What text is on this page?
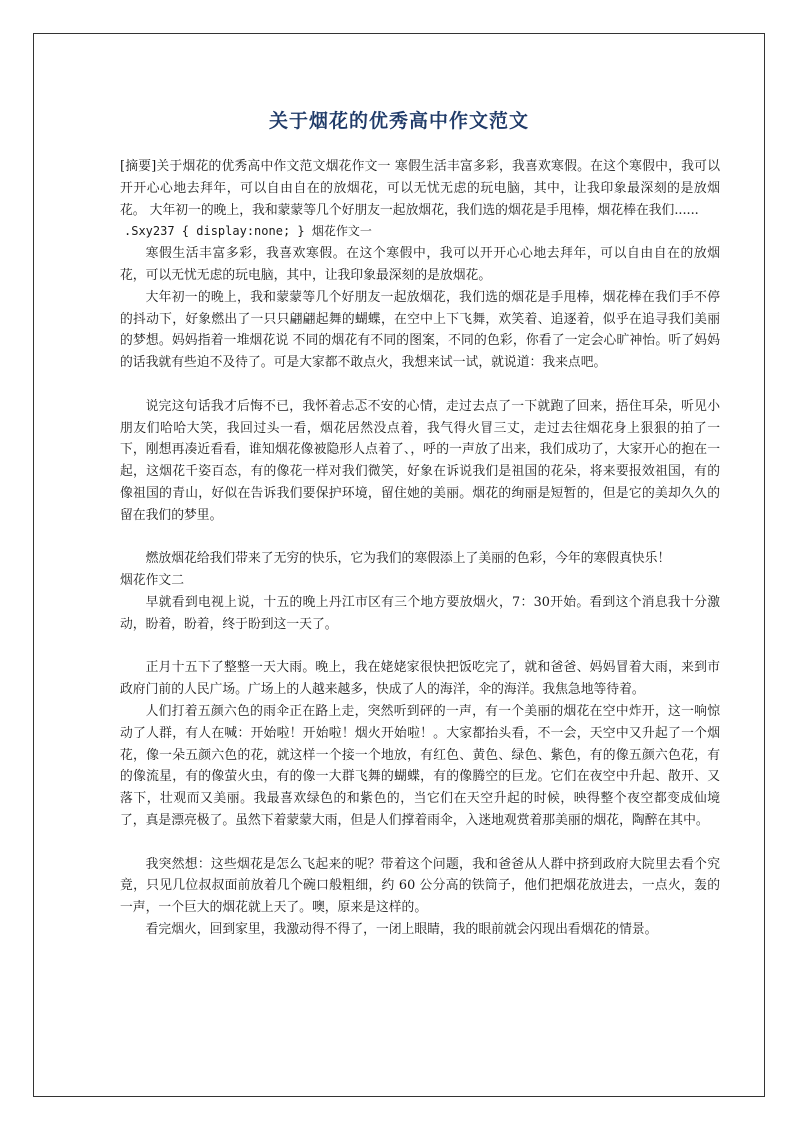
关于烟花的优秀高中作文范文

[摘要]关于烟花的优秀高中作文范文烟花作文一 寒假生活丰富多彩，我喜欢寒假。在这个寒假中，我可以开开心心地去拜年，可以自由自在的放烟花，可以无忧无虑的玩电脑，其中，让我印象最深刻的是放烟花。 大年初一的晚上，我和蒙蒙等几个好朋友一起放烟花，我们选的烟花是手甩棒，烟花棒在我们......

.Sxy237 { display:none; } 烟花作文一

寒假生活丰富多彩，我喜欢寒假。在这个寒假中，我可以开开心心地去拜年，可以自由自在的放烟花，可以无忧无虑的玩电脑，其中，让我印象最深刻的是放烟花。

大年初一的晚上，我和蒙蒙等几个好朋友一起放烟花，我们选的烟花是手甩棒，烟花棒在我们手不停的抖动下，好象燃出了一只只翩翩起舞的蝴蝶，在空中上下飞舞，欢笑着、追逐着，似乎在追寻我们美丽的梦想。妈妈指着一堆烟花说 不同的烟花有不同的图案，不同的色彩，你看了一定会心旷神怡。听了妈妈的话我就有些迫不及待了。可是大家都不敢点火，我想来试一试，就说道：我来点吧。

说完这句话我才后悔不已，我怀着忐忑不安的心情，走过去点了一下就跑了回来，捂住耳朵，听见小朋友们哈哈大笑，我回过头一看，烟花居然没点着，我气得火冒三丈，走过去往烟花身上狠狠的拍了一下，刚想再凑近看看，谁知烟花像被隐形人点着了、，呼的一声放了出来，我们成功了，大家开心的抱在一起，这烟花千姿百态，有的像花一样对我们微笑，好象在诉说我们是祖国的花朵，将来要报效祖国，有的像祖国的青山，好似在告诉我们要保护环境，留住她的美丽。烟花的绚丽是短暂的，但是它的美却久久的留在我们的梦里。

燃放烟花给我们带来了无穷的快乐，它为我们的寒假添上了美丽的色彩，今年的寒假真快乐！

烟花作文二

早就看到电视上说，十五的晚上丹江市区有三个地方要放烟火，7：30开始。看到这个消息我十分激动，盼着，盼着，终于盼到这一天了。

正月十五下了整整一天大雨。晚上，我在姥姥家很快把饭吃完了，就和爸爸、妈妈冒着大雨，来到市政府门前的人民广场。广场上的人越来越多，快成了人的海洋，伞的海洋。我焦急地等待着。

人们打着五颜六色的雨伞正在路上走，突然听到砰的一声，有一个美丽的烟花在空中炸开，这一响惊动了人群，有人在喊：开始啦！开始啦！烟火开始啦！。大家都抬头看，不一会，天空中又升起了一个烟花，像一朵五颜六色的花，就这样一个接一个地放，有红色、黄色、绿色、紫色，有的像五颜六色花，有的像流星，有的像萤火虫，有的像一大群飞舞的蝴蝶，有的像腾空的巨龙。它们在夜空中升起、散开、又落下，壮观而又美丽。我最喜欢绿色的和紫色的，当它们在天空升起的时候，映得整个夜空都变成仙境了，真是漂亮极了。虽然下着蒙蒙大雨，但是人们撑着雨伞，入迷地观赏着那美丽的烟花，陶醉在其中。

我突然想：这些烟花是怎么飞起来的呢？带着这个问题，我和爸爸从人群中挤到政府大院里去看个究竟，只见几位叔叔面前放着几个碗口般粗细，约 60 公分高的铁筒子，他们把烟花放进去，一点火，轰的一声，一个巨大的烟花就上天了。噢，原来是这样的。

看完烟火，回到家里，我激动得不得了，一闭上眼睛，我的眼前就会闪现出看烟花的情景。
